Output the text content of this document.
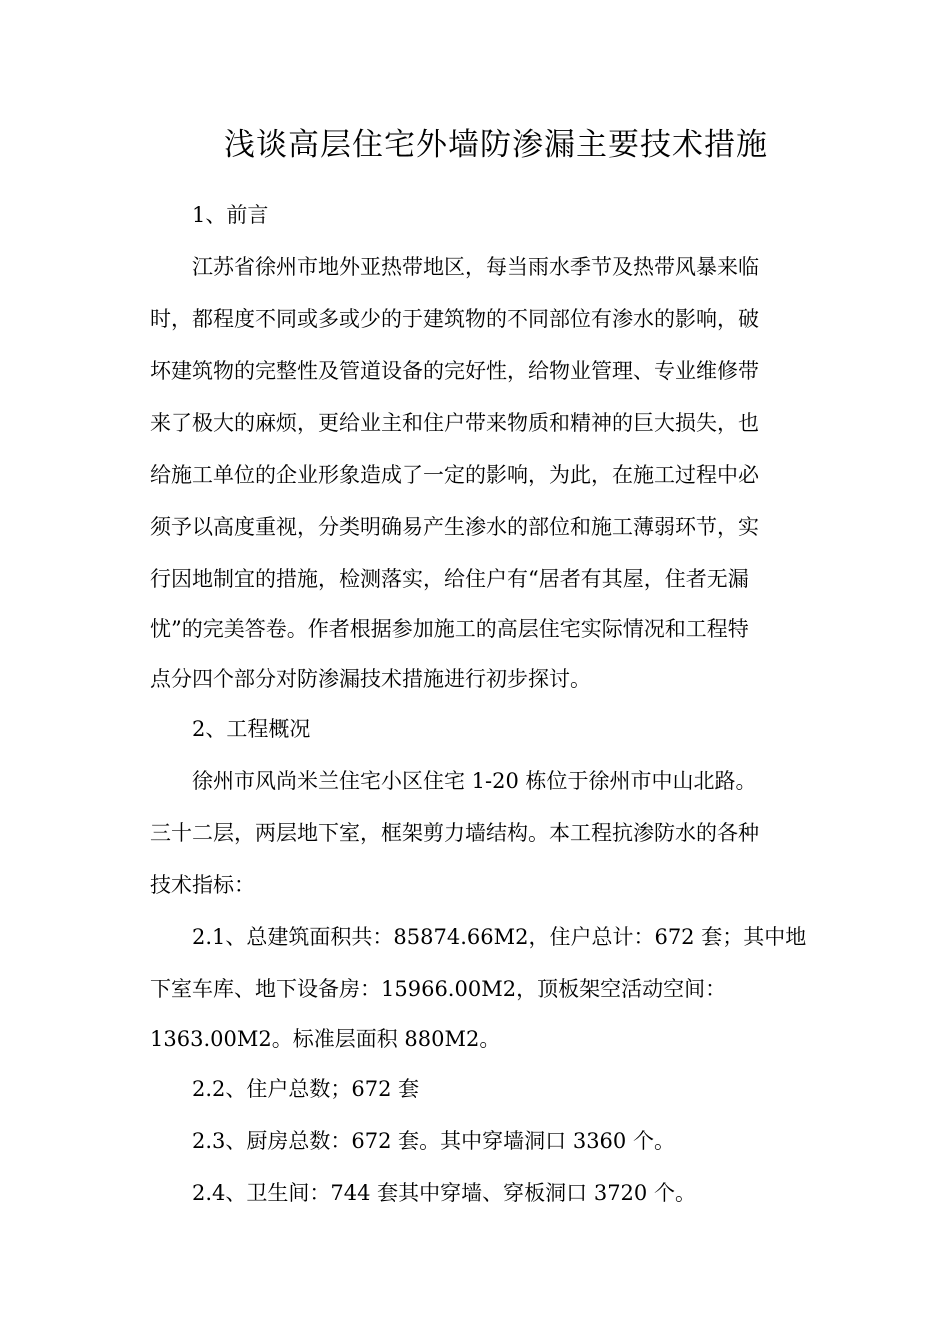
浅谈高层住宅外墙防渗漏主要技术措施
1、前言
江苏省徐州市地外亚热带地区，每当雨水季节及热带风暴来临
时，都程度不同或多或少的于建筑物的不同部位有渗水的影响，破
坏建筑物的完整性及管道设备的完好性，给物业管理、专业维修带
来了极大的麻烦，更给业主和住户带来物质和精神的巨大损失，也
给施工单位的企业形象造成了一定的影响，为此，在施工过程中必
须予以高度重视，分类明确易产生渗水的部位和施工薄弱环节，实
行因地制宜的措施，检测落实，给住户有“居者有其屋，住者无漏
忧”的完美答卷。作者根据参加施工的高层住宅实际情况和工程特
点分四个部分对防渗漏技术措施进行初步探讨。
2、工程概况
徐州市风尚米兰住宅小区住宅 1-20 栋位于徐州市中山北路。
三十二层，两层地下室，框架剪力墙结构。本工程抗渗防水的各种
技术指标：
2.1、总建筑面积共：85874.66M2，住户总计：672 套；其中地
下室车库、地下设备房：15966.00M2，顶板架空活动空间：
1363.00M2。标准层面积 880M2。
2.2、住户总数；672 套
2.3、厨房总数：672 套。其中穿墙洞口 3360 个。
2.4、卫生间：744 套其中穿墙、穿板洞口 3720 个。
